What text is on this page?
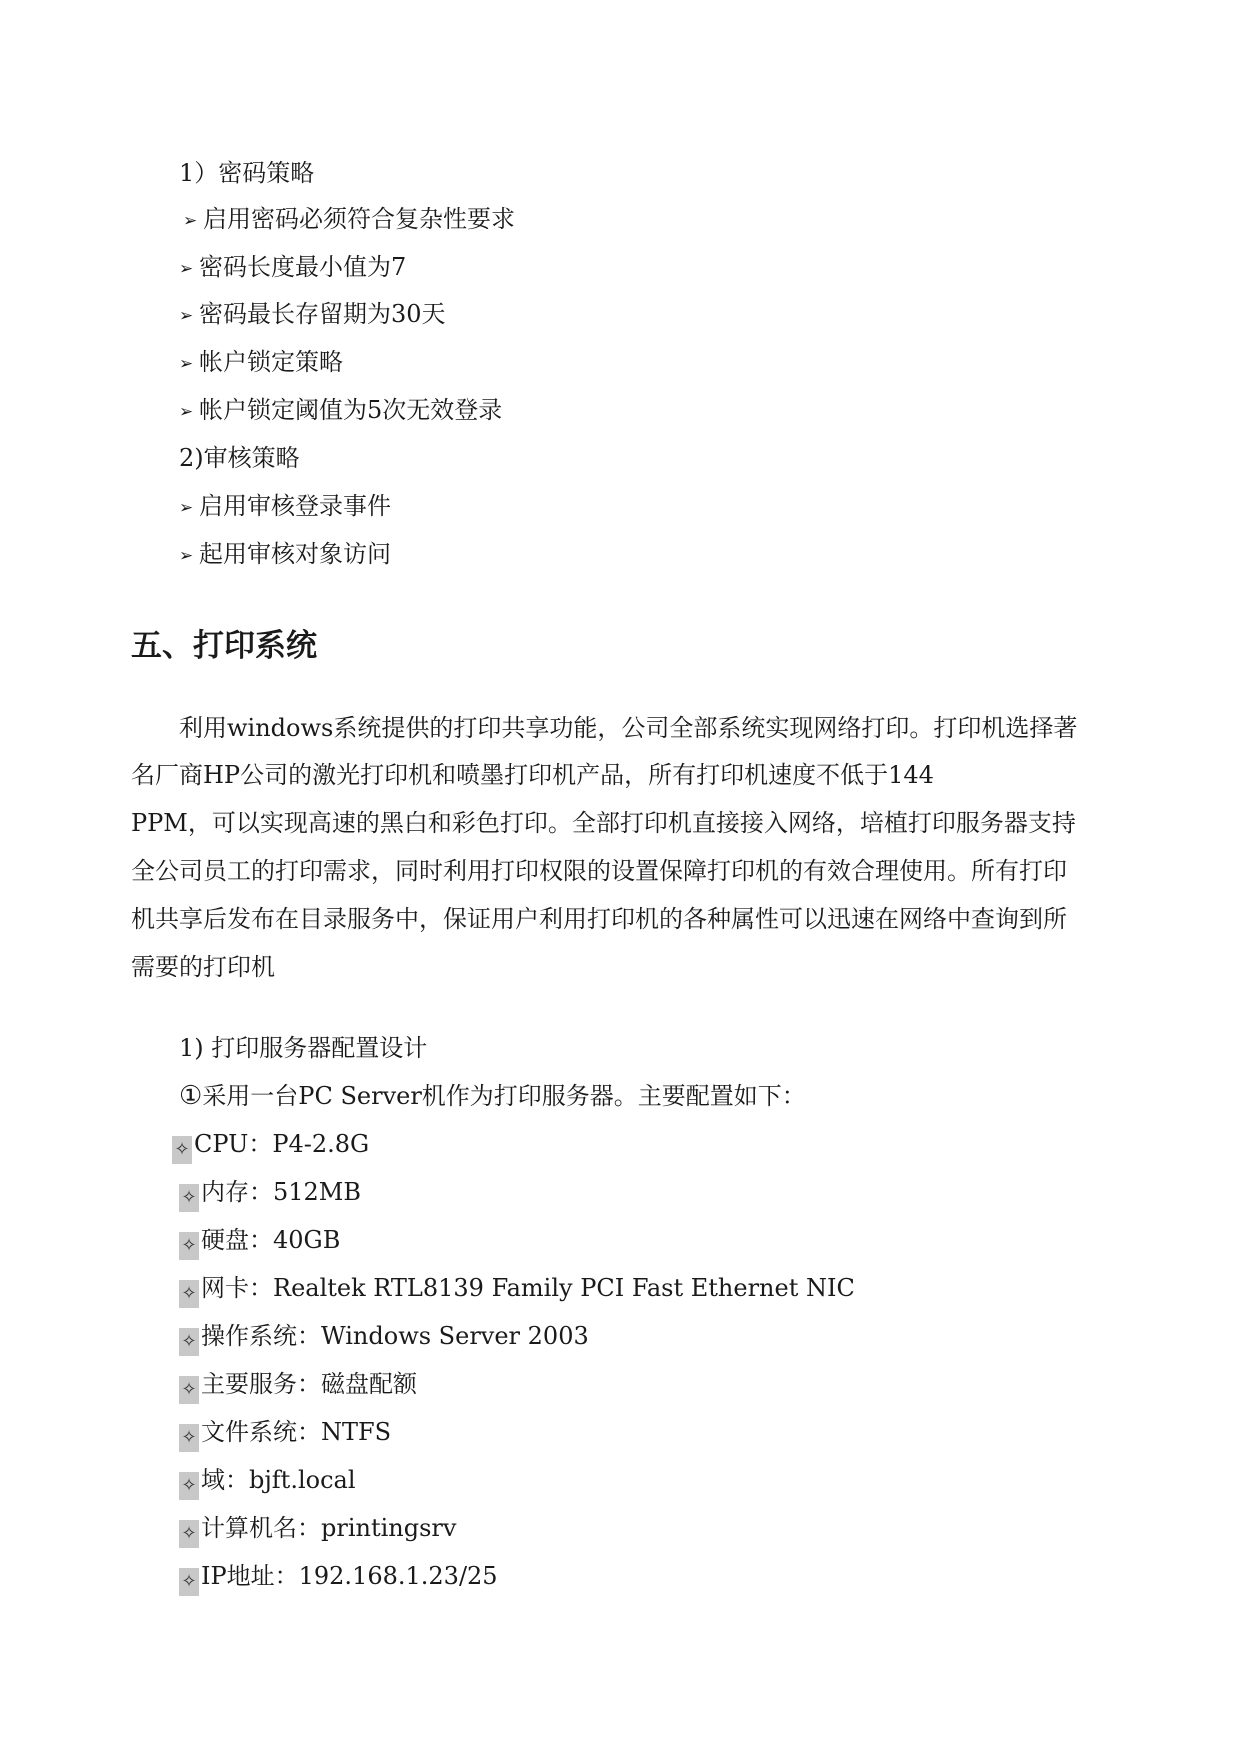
1）密码策略
➢ 启用密码必须符合复杂性要求
➢ 密码长度最小值为7
➢ 密码最长存留期为30天
➢ 帐户锁定策略
➢ 帐户锁定阈值为5次无效登录
2)审核策略
➢ 启用审核登录事件
➢ 起用审核对象访问
五、打印系统
利用windows系统提供的打印共享功能，公司全部系统实现网络打印。打印机选择著
名厂商HP公司的激光打印机和喷墨打印机产品，所有打印机速度不低于144
PPM，可以实现高速的黑白和彩色打印。全部打印机直接接入网络，培植打印服务器支持
全公司员工的打印需求，同时利用打印权限的设置保障打印机的有效合理使用。所有打印
机共享后发布在目录服务中，保证用户利用打印机的各种属性可以迅速在网络中查询到所
需要的打印机
1) 打印服务器配置设计
①采用一台PC Server机作为打印服务器。主要配置如下：
✧ CPU：P4-2.8G
✧ 内存：512MB
✧ 硬盘：40GB
✧ 网卡：Realtek RTL8139 Family PCI Fast Ethernet NIC
✧ 操作系统：Windows Server 2003
✧ 主要服务：磁盘配额
✧ 文件系统：NTFS
✧ 域：bjft.local
✧ 计算机名：printingsrv
✧ IP地址：192.168.1.23/25
